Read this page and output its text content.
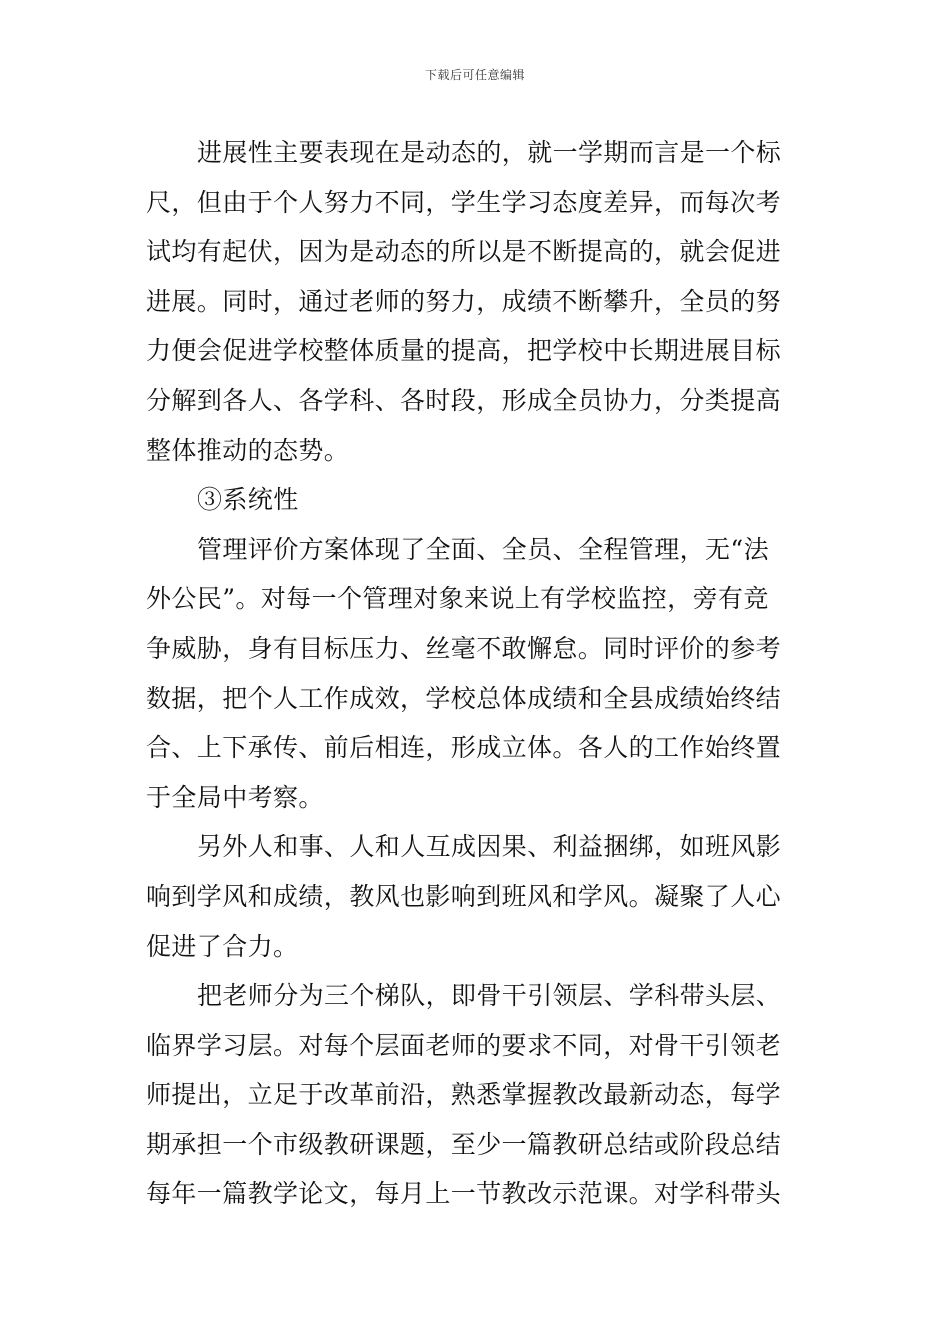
下载后可任意编辑
进展性主要表现在是动态的，就一学期而言是一个标
尺，但由于个人努力不同，学生学习态度差异，而每次考
试均有起伏，因为是动态的所以是不断提高的，就会促进
进展。同时，通过老师的努力，成绩不断攀升，全员的努
力便会促进学校整体质量的提高，把学校中长期进展目标
分解到各人、各学科、各时段，形成全员协力，分类提高
整体推动的态势。
③系统性
管理评价方案体现了全面、全员、全程管理，无“法
外公民”。对每一个管理对象来说上有学校监控，旁有竞
争威胁，身有目标压力、丝毫不敢懈怠。同时评价的参考
数据，把个人工作成效，学校总体成绩和全县成绩始终结
合、上下承传、前后相连，形成立体。各人的工作始终置
于全局中考察。
另外人和事、人和人互成因果、利益捆绑，如班风影
响到学风和成绩，教风也影响到班风和学风。凝聚了人心
促进了合力。
把老师分为三个梯队，即骨干引领层、学科带头层、
临界学习层。对每个层面老师的要求不同，对骨干引领老
师提出，立足于改革前沿，熟悉掌握教改最新动态，每学
期承担一个市级教研课题，至少一篇教研总结或阶段总结
每年一篇教学论文，每月上一节教改示范课。对学科带头
